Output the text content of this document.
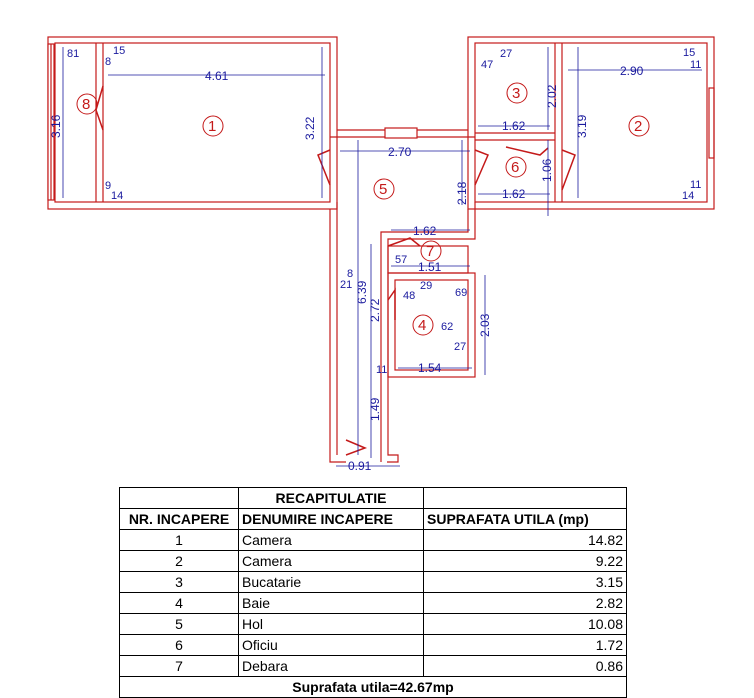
4.61
3.22
15
8
9
14
81
3.16
2.90
3.19
15
11
11
14
27
47
2.02
1.62
1.62
1.06
2.70
2.18
6.39
8
21
1.62
1.51
57
29
48	69
62
27
2.03
1.54
2.72
11
1.49
0.91
1	2
3
4
5
6
7
8
	RECAPITULATIE	
NR. INCAPERE	DENUMIRE INCAPERE	SUPRAFATA UTILA (mp)
1	Camera	14.82
2	Camera	9.22
3	Bucatarie	3.15
4	Baie	2.82
5	Hol	10.08
6	Oficiu	1.72
7	Debara	0.86
Suprafata utila=42.67mp		
